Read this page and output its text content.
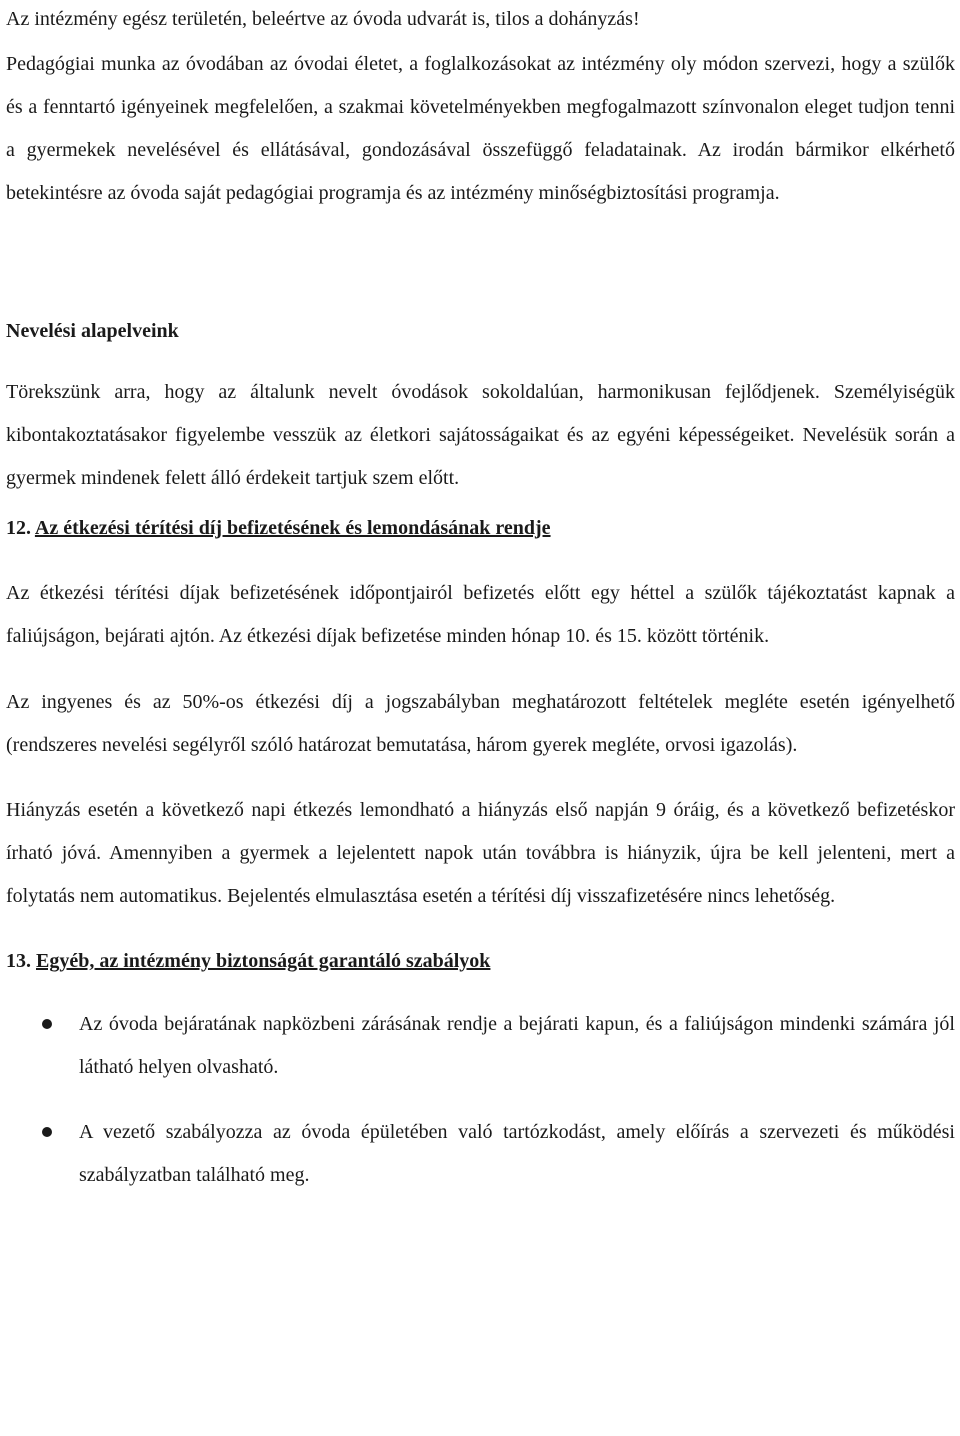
Az intézmény egész területén, beleértve az óvoda udvarát is, tilos a dohányzás!

Pedagógiai munka az óvodában az óvodai életet, a foglalkozásokat az intézmény oly módon szervezi, hogy a szülők és a fenntartó igényeinek megfelelően, a szakmai követelményekben megfogalmazott színvonalon eleget tudjon tenni a gyermekek nevelésével és ellátásával, gondozásával összefüggő feladatainak. Az irodán bármikor elkérhető betekintésre az óvoda saját pedagógiai programja és az intézmény minőségbiztosítási programja.

Nevelési alapelveink

Törekszünk arra, hogy az általunk nevelt óvodások sokoldalúan, harmonikusan fejlődjenek. Személyiségük kibontakoztatásakor figyelembe vesszük az életkori sajátosságaikat és az egyéni képességeiket. Nevelésük során a gyermek mindenek felett álló érdekeit tartjuk szem előtt.

12. Az étkezési térítési díj befizetésének és lemondásának rendje

Az étkezési térítési díjak befizetésének időpontjairól befizetés előtt egy héttel a szülők tájékoztatást kapnak a faliújságon, bejárati ajtón. Az étkezési díjak befizetése minden hónap 10. és 15. között történik.

Az ingyenes és az 50%-os étkezési díj a jogszabályban meghatározott feltételek megléte esetén igényelhető (rendszeres nevelési segélyről szóló határozat bemutatása, három gyerek megléte, orvosi igazolás).

Hiányzás esetén a következő napi étkezés lemondható a hiányzás első napján 9 óráig, és a következő befizetéskor írható jóvá. Amennyiben a gyermek a lejelentett napok után továbbra is hiányzik, újra be kell jelenteni, mert a folytatás nem automatikus. Bejelentés elmulasztása esetén a térítési díj visszafizetésére nincs lehetőség.

13. Egyéb, az intézmény biztonságát garantáló szabályok

Az óvoda bejáratának napközbeni zárásának rendje a bejárati kapun, és a faliújságon mindenki számára jól látható helyen olvasható.
A vezető szabályozza az óvoda épületében való tartózkodást, amely előírás a szervezeti és működési szabályzatban található meg.
